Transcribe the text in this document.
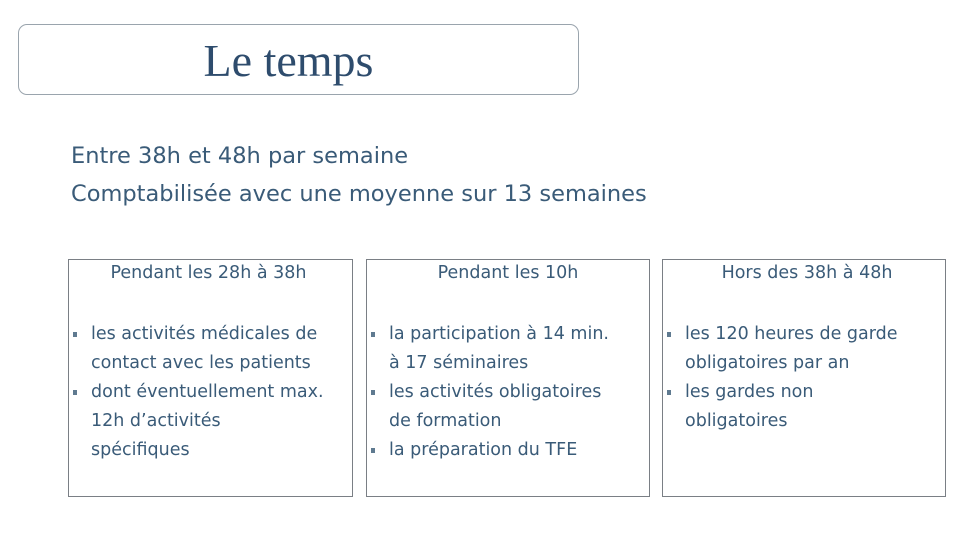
Le temps
Entre 38h et 48h par semaine
Comptabilisée avec une moyenne sur 13 semaines
Pendant les 28h à 38h
les activités médicales de
contact avec les patients
dont éventuellement max.
12h d’activités
spécifiques
Pendant les 10h
la participation à 14 min.
à 17 séminaires
les activités obligatoires
de formation
la préparation du TFE
Hors des 38h à 48h
les 120 heures de garde
obligatoires par an
les gardes non
obligatoires
